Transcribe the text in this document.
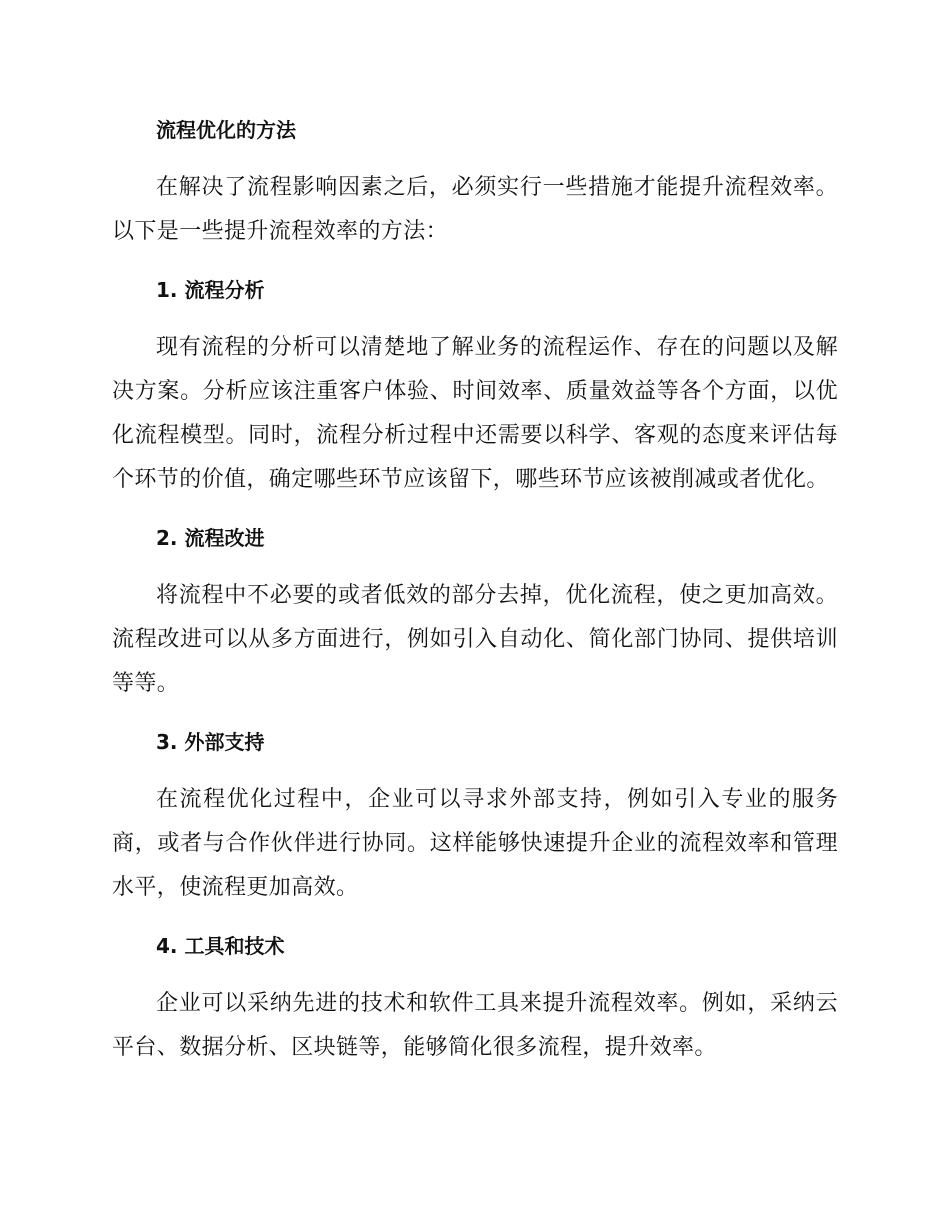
流程优化的方法

在解决了流程影响因素之后，必须实行一些措施才能提升流程效率。以下是一些提升流程效率的方法：

1. 流程分析

现有流程的分析可以清楚地了解业务的流程运作、存在的问题以及解决方案。分析应该注重客户体验、时间效率、质量效益等各个方面，以优化流程模型。同时，流程分析过程中还需要以科学、客观的态度来评估每个环节的价值，确定哪些环节应该留下，哪些环节应该被削减或者优化。

2. 流程改进

将流程中不必要的或者低效的部分去掉，优化流程，使之更加高效。流程改进可以从多方面进行，例如引入自动化、简化部门协同、提供培训等等。

3. 外部支持

在流程优化过程中，企业可以寻求外部支持，例如引入专业的服务商，或者与合作伙伴进行协同。这样能够快速提升企业的流程效率和管理水平，使流程更加高效。

4. 工具和技术

企业可以采纳先进的技术和软件工具来提升流程效率。例如，采纳云平台、数据分析、区块链等，能够简化很多流程，提升效率。
